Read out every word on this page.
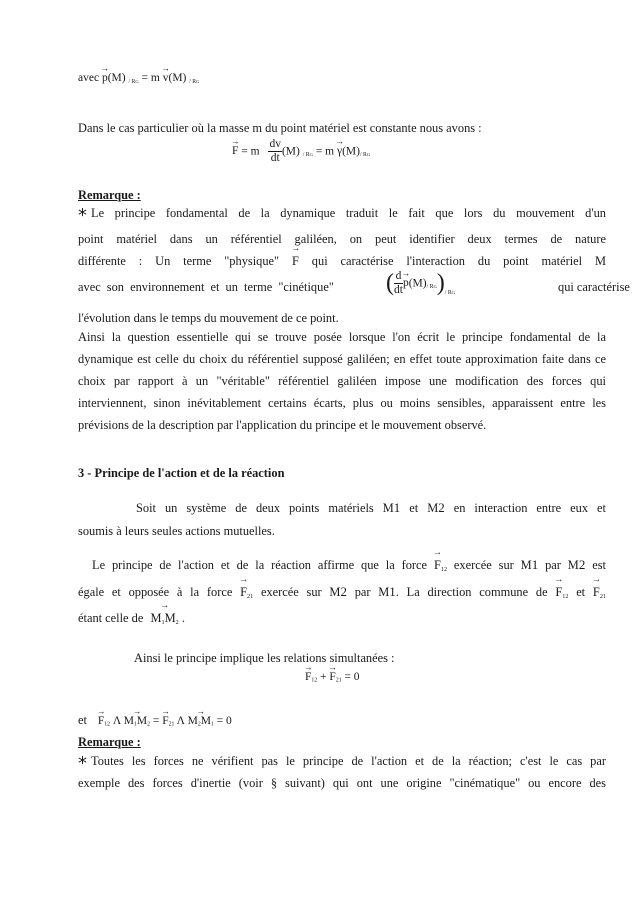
avec → p(M) / RG = m → v(M) / RG
Dans le cas particulier où la masse m du point matériel est constante nous avons :
→ F = m $\frac{dv}{dt} (M)$ / RG = m → γ(M)/ RG
Remarque :
* Le principe fondamental de la dynamique traduit le fait que lors du mouvement d'un
point matériel dans un référentiel galiléen, on peut identifier deux termes de nature
différente : Un terme "physique" → F qui caractérise l'interaction du point matériel M
avec son environnement et un terme "cinétique" ( $\frac{d}{dt}$
→ p(M)/ $RG)_{/ RG}$	qui caractérise
l'évolution dans le temps du mouvement de ce point.
Ainsi la question essentielle qui se trouve posée lorsque l'on écrit le principe fondamental de la dynamique est celle du choix du référentiel supposé galiléen; en effet toute approximation faite dans ce choix par rapport à un "véritable" référentiel galiléen impose une modification des forces qui interviennent, sinon inévitablement certains écarts, plus ou moins sensibles, apparaissent entre les prévisions de la description par l'application du principe et le mouvement observé.
3 - Principe de l'action et de la réaction
Soit un système de deux points matériels M1 et M2 en interaction entre eux et
soumis à leurs seules actions mutuelles.
Le principe de l'action et de la réaction affirme que la force → F12 exercée sur M1 par M2 est
égale et opposée à la force → F21 exercée sur M2 par M1. La direction commune de → F12 et → F21
étant celle de → M1M2 .
Ainsi le principe implique les relations simultanées :
→ F12 + → F21 = 0
et → F12 Λ → M1M2 = → F21 Λ → M2M1 = 0
Remarque :
* Toutes les forces ne vérifient pas le principe de l'action et de la réaction; c'est le cas par
exemple des forces d'inertie (voir § suivant) qui ont une origine "cinématique" ou encore des
